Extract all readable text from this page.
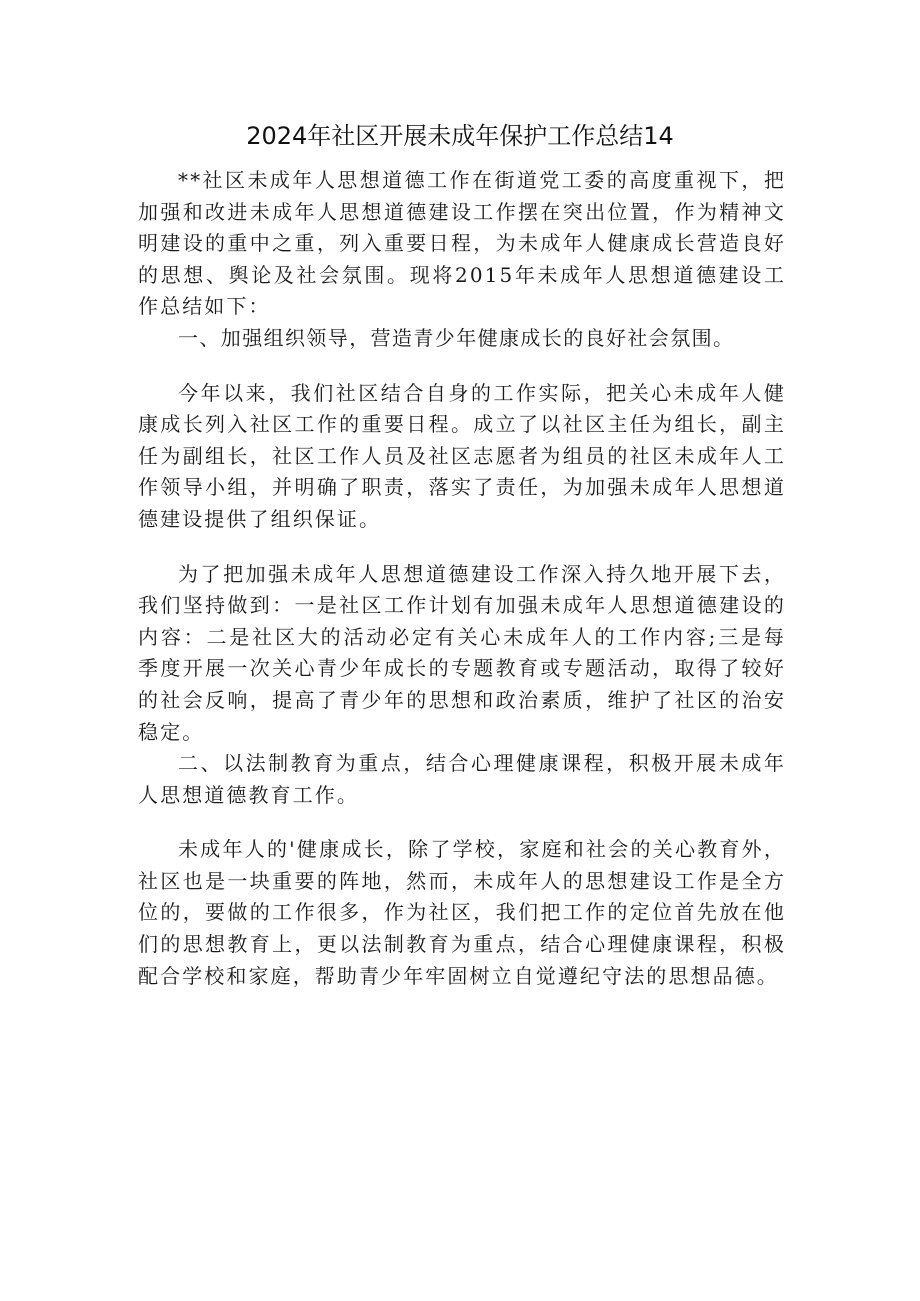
2024年社区开展未成年保护工作总结14

**社区未成年人思想道德工作在街道党工委的高度重视下，把加强和改进未成年人思想道德建设工作摆在突出位置，作为精神文明建设的重中之重，列入重要日程，为未成年人健康成长营造良好的思想、舆论及社会氛围。现将2015年未成年人思想道德建设工作总结如下：

一、加强组织领导，营造青少年健康成长的良好社会氛围。

今年以来，我们社区结合自身的工作实际，把关心未成年人健康成长列入社区工作的重要日程。成立了以社区主任为组长，副主任为副组长，社区工作人员及社区志愿者为组员的社区未成年人工作领导小组，并明确了职责，落实了责任，为加强未成年人思想道德建设提供了组织保证。

为了把加强未成年人思想道德建设工作深入持久地开展下去，我们坚持做到：一是社区工作计划有加强未成年人思想道德建设的内容：二是社区大的活动必定有关心未成年人的工作内容;三是每季度开展一次关心青少年成长的专题教育或专题活动，取得了较好的社会反响，提高了青少年的思想和政治素质，维护了社区的治安稳定。

二、以法制教育为重点，结合心理健康课程，积极开展未成年人思想道德教育工作。

未成年人的'健康成长，除了学校，家庭和社会的关心教育外，社区也是一块重要的阵地，然而，未成年人的思想建设工作是全方位的，要做的工作很多，作为社区，我们把工作的定位首先放在他们的思想教育上，更以法制教育为重点，结合心理健康课程，积极配合学校和家庭，帮助青少年牢固树立自觉遵纪守法的思想品德。
